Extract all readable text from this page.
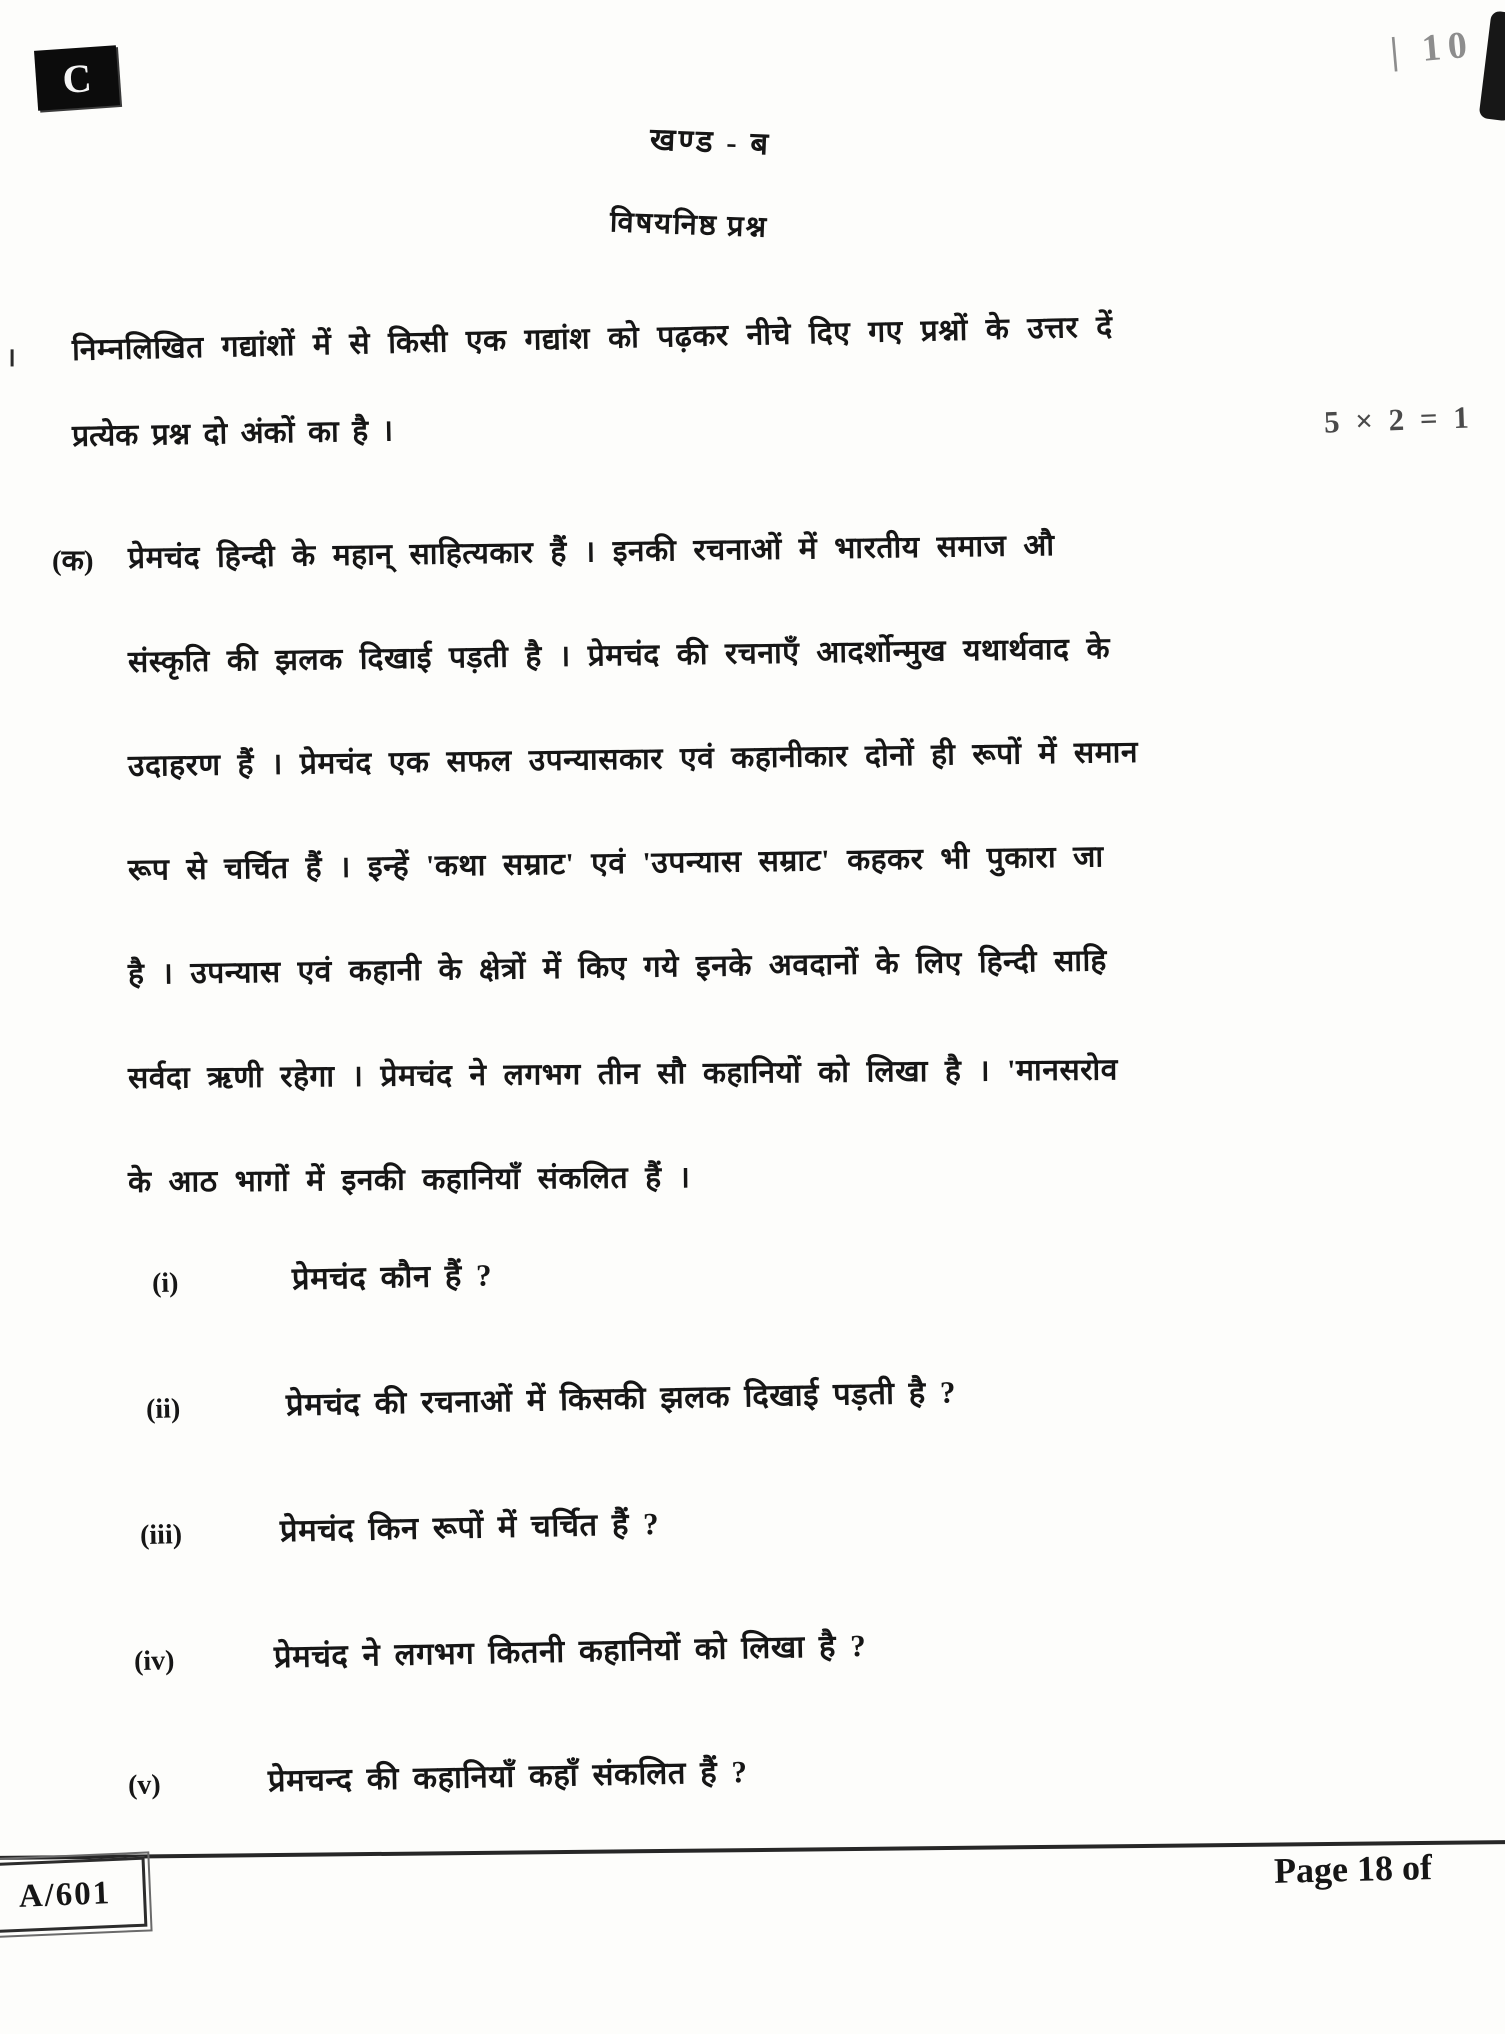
C
| 10
खण्ड - ब
विषयनिष्ठ प्रश्न
। निम्नलिखित गद्यांशों में से किसी एक गद्यांश को पढ़कर नीचे दिए गए प्रश्नों के उत्तर दें
प्रत्येक प्रश्न दो अंकों का है ।	5 × 2 = 1
(क) प्रेमचंद हिन्दी के महान् साहित्यकार हैं । इनकी रचनाओं में भारतीय समाज औ
संस्कृति की झलक दिखाई पड़ती है । प्रेमचंद की रचनाएँ आदर्शोन्मुख यथार्थवाद के
उदाहरण हैं । प्रेमचंद एक सफल उपन्यासकार एवं कहानीकार दोनों ही रूपों में समान
रूप से चर्चित हैं । इन्हें 'कथा सम्राट' एवं 'उपन्यास सम्राट' कहकर भी पुकारा जा
है । उपन्यास एवं कहानी के क्षेत्रों में किए गये इनके अवदानों के लिए हिन्दी साहि
सर्वदा ऋणी रहेगा । प्रेमचंद ने लगभग तीन सौ कहानियों को लिखा है । 'मानसरोव
के आठ भागों में इनकी कहानियाँ संकलित हैं ।
(i)	प्रेमचंद कौन हैं ?
(ii)	प्रेमचंद की रचनाओं में किसकी झलक दिखाई पड़ती है ?
(iii)	प्रेमचंद किन रूपों में चर्चित हैं ?
(iv)	प्रेमचंद ने लगभग कितनी कहानियों को लिखा है ?
(v)	प्रेमचन्द की कहानियाँ कहाँ संकलित हैं ?
A/601
Page 18 of
